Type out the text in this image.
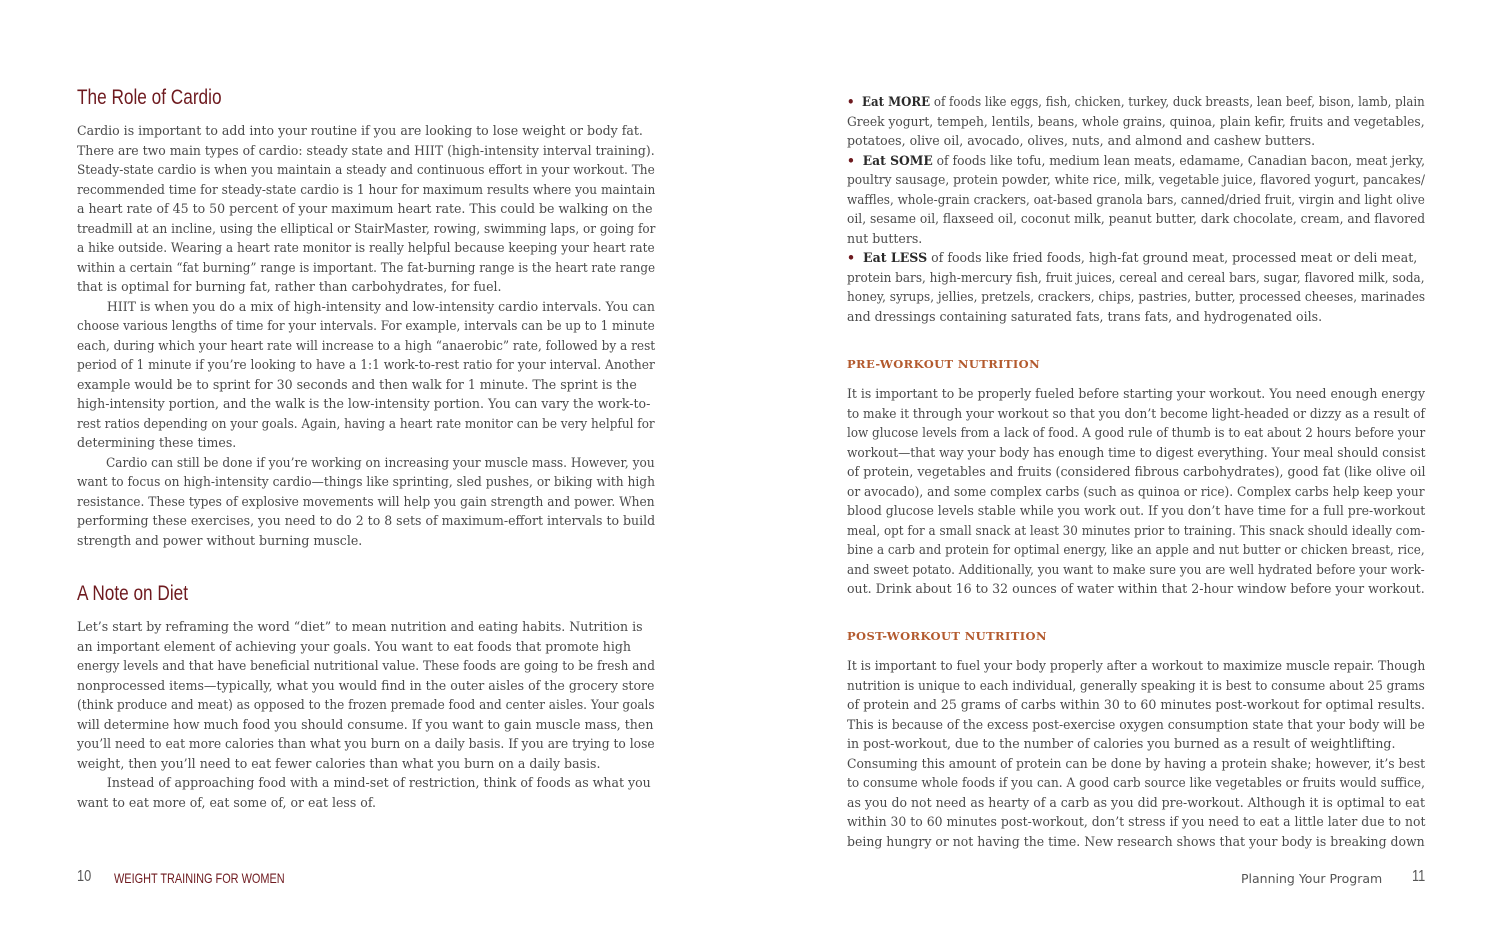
The Role of Cardio
Cardio is important to add into your routine if you are looking to lose weight or body fat.
There are two main types of cardio: steady state and HIIT (high-intensity interval training).
Steady-state cardio is when you maintain a steady and continuous effort in your workout. The
recommended time for steady-state cardio is 1 hour for maximum results where you maintain
a heart rate of 45 to 50 percent of your maximum heart rate. This could be walking on the
treadmill at an incline, using the elliptical or StairMaster, rowing, swimming laps, or going for
a hike outside. Wearing a heart rate monitor is really helpful because keeping your heart rate
within a certain “fat burning” range is important. The fat-burning range is the heart rate range
that is optimal for burning fat, rather than carbohydrates, for fuel.
HIIT is when you do a mix of high-intensity and low-intensity cardio intervals. You can
choose various lengths of time for your intervals. For example, intervals can be up to 1 minute
each, during which your heart rate will increase to a high “anaerobic” rate, followed by a rest
period of 1 minute if you’re looking to have a 1:1 work-to-rest ratio for your interval. Another
example would be to sprint for 30 seconds and then walk for 1 minute. The sprint is the
high-intensity portion, and the walk is the low-intensity portion. You can vary the work-to-
rest ratios depending on your goals. Again, having a heart rate monitor can be very helpful for
determining these times.
Cardio can still be done if you’re working on increasing your muscle mass. However, you
want to focus on high-intensity cardio—things like sprinting, sled pushes, or biking with high
resistance. These types of explosive movements will help you gain strength and power. When
performing these exercises, you need to do 2 to 8 sets of maximum-effort intervals to build
strength and power without burning muscle.
A Note on Diet
Let’s start by reframing the word “diet” to mean nutrition and eating habits. Nutrition is
an important element of achieving your goals. You want to eat foods that promote high
energy levels and that have beneficial nutritional value. These foods are going to be fresh and
nonprocessed items—typically, what you would find in the outer aisles of the grocery store
(think produce and meat) as opposed to the frozen premade food and center aisles. Your goals
will determine how much food you should consume. If you want to gain muscle mass, then
you’ll need to eat more calories than what you burn on a daily basis. If you are trying to lose
weight, then you’ll need to eat fewer calories than what you burn on a daily basis.
Instead of approaching food with a mind-set of restriction, think of foods as what you
want to eat more of, eat some of, or eat less of.
10 WEIGHT TRAINING FOR WOMEN
• Eat MORE of foods like eggs, fish, chicken, turkey, duck breasts, lean beef, bison, lamb, plain
Greek yogurt, tempeh, lentils, beans, whole grains, quinoa, plain kefir, fruits and vegetables,
potatoes, olive oil, avocado, olives, nuts, and almond and cashew butters.
• Eat SOME of foods like tofu, medium lean meats, edamame, Canadian bacon, meat jerky,
poultry sausage, protein powder, white rice, milk, vegetable juice, flavored yogurt, pancakes/
waffles, whole-grain crackers, oat-based granola bars, canned/dried fruit, virgin and light olive
oil, sesame oil, flaxseed oil, coconut milk, peanut butter, dark chocolate, cream, and flavored
nut butters.
• Eat LESS of foods like fried foods, high-fat ground meat, processed meat or deli meat,
protein bars, high-mercury fish, fruit juices, cereal and cereal bars, sugar, flavored milk, soda,
honey, syrups, jellies, pretzels, crackers, chips, pastries, butter, processed cheeses, marinades
and dressings containing saturated fats, trans fats, and hydrogenated oils.
PRE-WORKOUT NUTRITION
It is important to be properly fueled before starting your workout. You need enough energy
to make it through your workout so that you don’t become light-headed or dizzy as a result of
low glucose levels from a lack of food. A good rule of thumb is to eat about 2 hours before your
workout—that way your body has enough time to digest everything. Your meal should consist
of protein, vegetables and fruits (considered fibrous carbohydrates), good fat (like olive oil
or avocado), and some complex carbs (such as quinoa or rice). Complex carbs help keep your
blood glucose levels stable while you work out. If you don’t have time for a full pre-workout
meal, opt for a small snack at least 30 minutes prior to training. This snack should ideally com-
bine a carb and protein for optimal energy, like an apple and nut butter or chicken breast, rice,
and sweet potato. Additionally, you want to make sure you are well hydrated before your work-
out. Drink about 16 to 32 ounces of water within that 2-hour window before your workout.
POST-WORKOUT NUTRITION
It is important to fuel your body properly after a workout to maximize muscle repair. Though
nutrition is unique to each individual, generally speaking it is best to consume about 25 grams
of protein and 25 grams of carbs within 30 to 60 minutes post-workout for optimal results.
This is because of the excess post-exercise oxygen consumption state that your body will be
in post-workout, due to the number of calories you burned as a result of weightlifting.
Consuming this amount of protein can be done by having a protein shake; however, it’s best
to consume whole foods if you can. A good carb source like vegetables or fruits would suffice,
as you do not need as hearty of a carb as you did pre-workout. Although it is optimal to eat
within 30 to 60 minutes post-workout, don’t stress if you need to eat a little later due to not
being hungry or not having the time. New research shows that your body is breaking down
Planning Your Program 11
